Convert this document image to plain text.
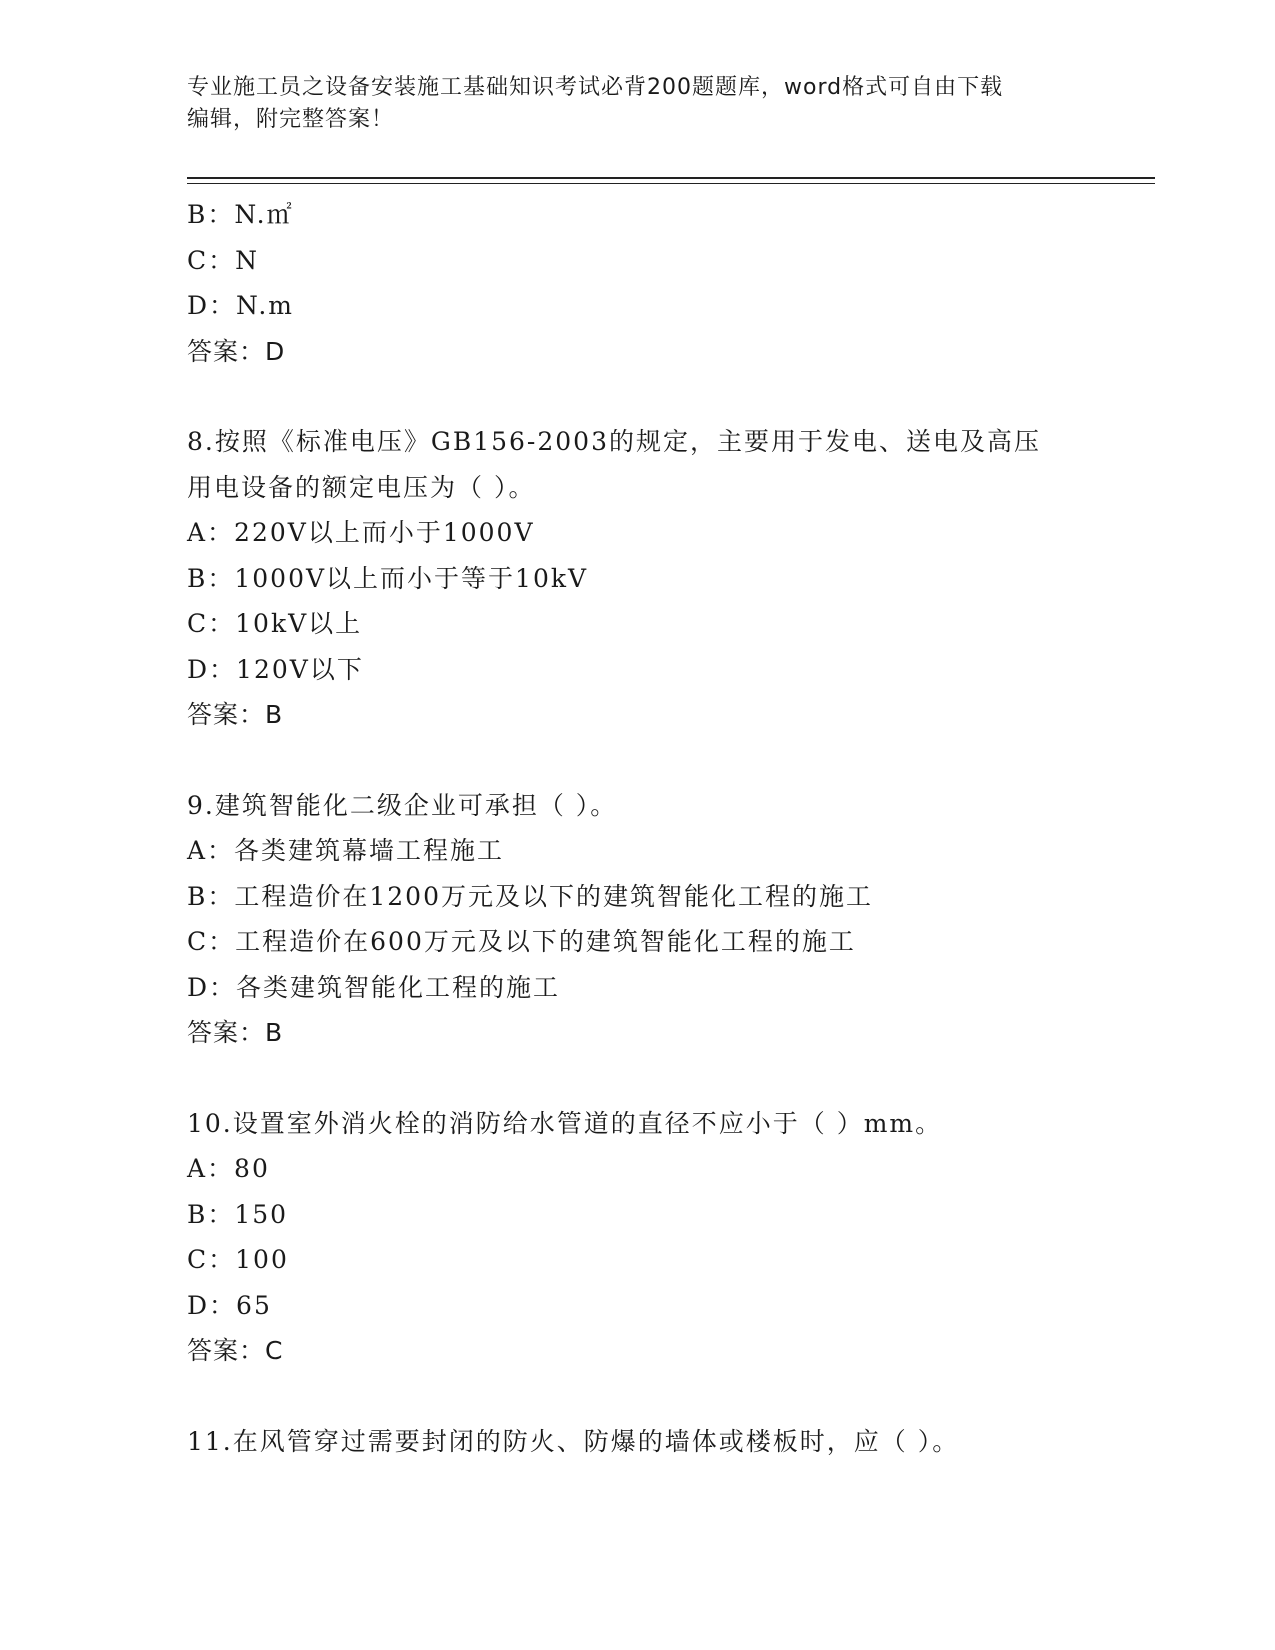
专业施工员之设备安装施工基础知识考试必背200题题库，word格式可自由下载
编辑，附完整答案！
B：N.㎡
C：N
D：N.m
答案：D
8.按照《标准电压》GB156-2003的规定，主要用于发电、送电及高压
用电设备的额定电压为（ ）。
A：220V以上而小于1000V
B：1000V以上而小于等于10kV
C：10kV以上
D：120V以下
答案：B
9.建筑智能化二级企业可承担（ ）。
A：各类建筑幕墙工程施工
B：工程造价在1200万元及以下的建筑智能化工程的施工
C：工程造价在600万元及以下的建筑智能化工程的施工
D：各类建筑智能化工程的施工
答案：B
10.设置室外消火栓的消防给水管道的直径不应小于（ ）mm。
A：80
B：150
C：100
D：65
答案：C
11.在风管穿过需要封闭的防火、防爆的墙体或楼板时，应（ ）。
